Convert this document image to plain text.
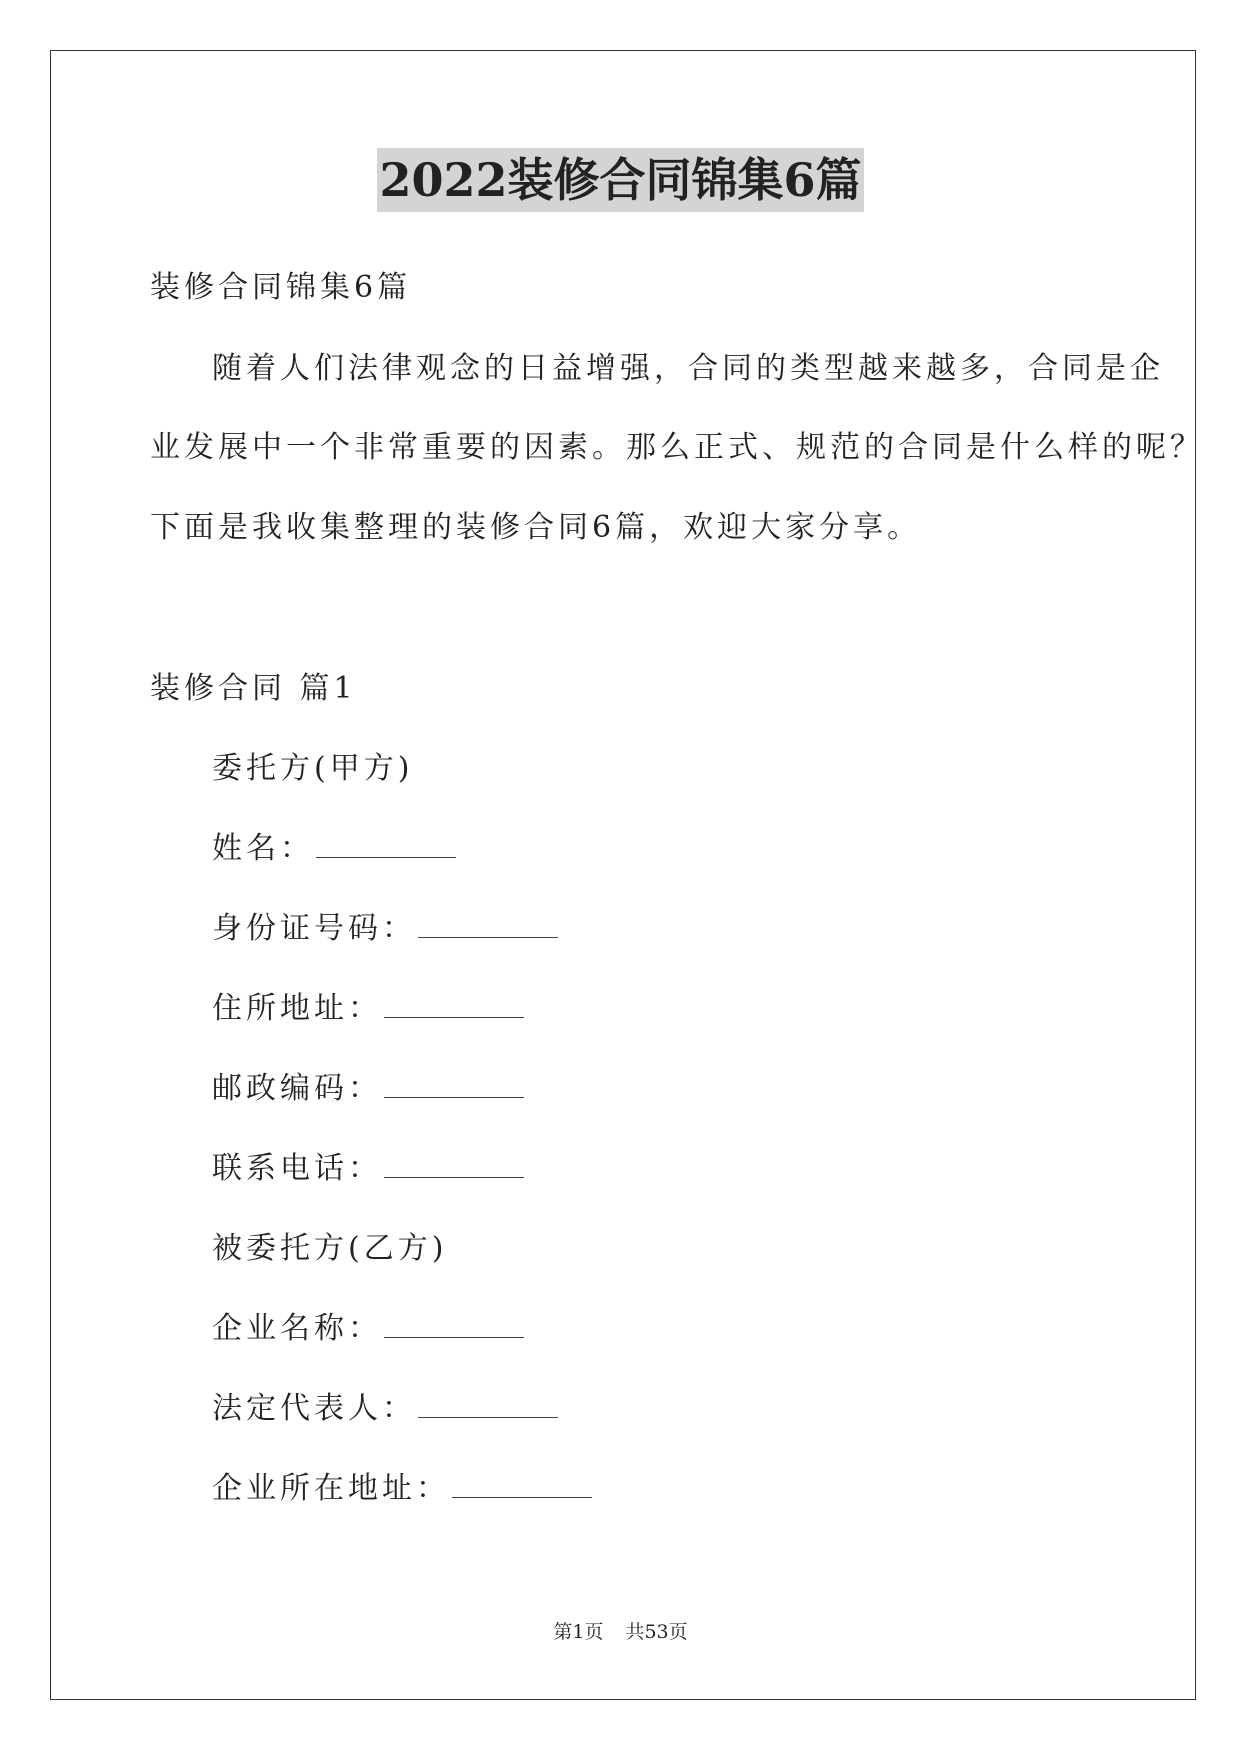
2022装修合同锦集6篇
装修合同锦集6篇
随着人们法律观念的日益增强，合同的类型越来越多，合同是企
业发展中一个非常重要的因素。那么正式、规范的合同是什么样的呢？
下面是我收集整理的装修合同6篇，欢迎大家分享。
装修合同 篇1
委托方(甲方)
姓名：
身份证号码：
住所地址：
邮政编码：
联系电话：
被委托方(乙方)
企业名称：
法定代表人：
企业所在地址：
第1页 共53页
